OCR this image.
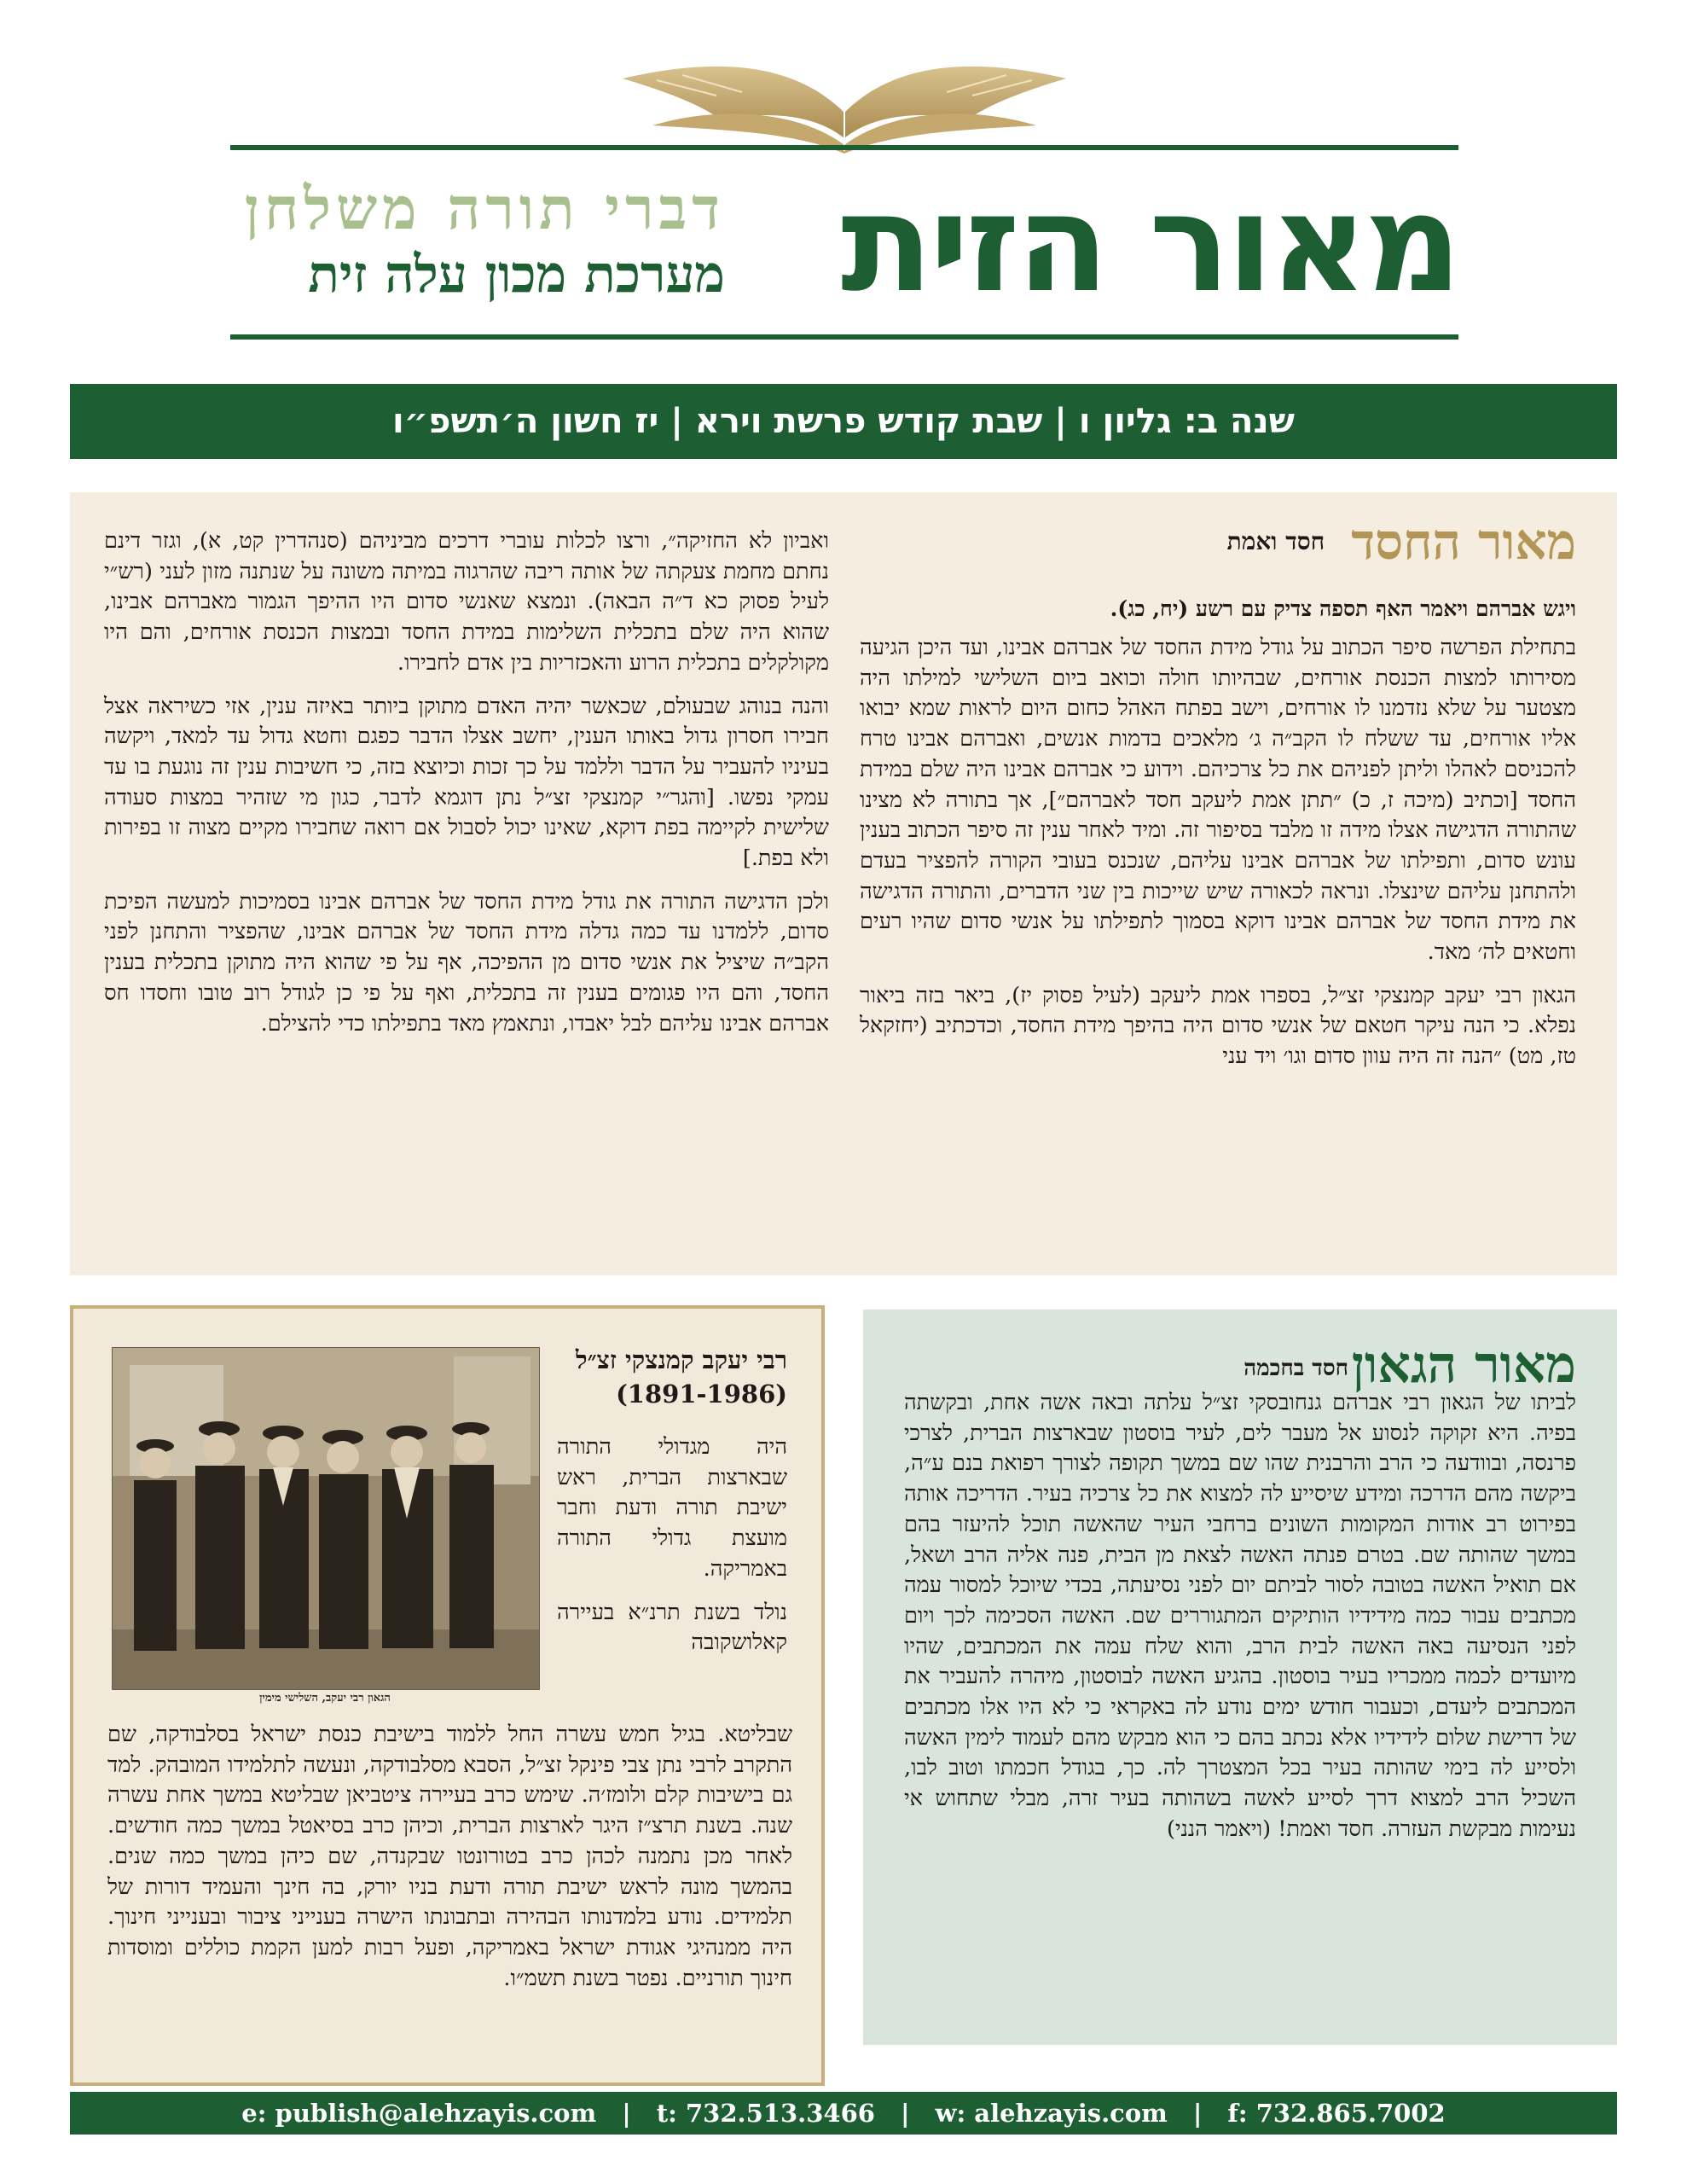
מאור הזית
דברי תורה משלחן
מערכת מכון עלה זית
שנה ב: גליון ו | שבת קודש פרשת וירא | יז חשון ה׳תשפ״ו
מאור החסד חסד ואמת
ויגש אברהם ויאמר האף תספה צדיק עם רשע (יח, כג).

בתחילת הפרשה סיפר הכתוב על גודל מידת החסד של אברהם אבינו, ועד היכן הגיעה מסירותו למצות הכנסת אורחים, שבהיותו חולה וכואב ביום השלישי למילתו היה מצטער על שלא נזדמנו לו אורחים, וישב בפתח האהל כחום היום לראות שמא יבואו אליו אורחים, עד ששלח לו הקב״ה ג׳ מלאכים בדמות אנשים, ואברהם אבינו טרח להכניסם לאהלו וליתן לפניהם את כל צרכיהם. וידוע כי אברהם אבינו היה שלם במידת החסד [וכתיב (מיכה ז, כ) ״תתן אמת ליעקב חסד לאברהם״], אך בתורה לא מצינו שהתורה הדגישה אצלו מידה זו מלבד בסיפור זה. ומיד לאחר ענין זה סיפר הכתוב בענין עונש סדום, ותפילתו של אברהם אבינו עליהם, שנכנס בעובי הקורה להפציר בעדם ולהתחנן עליהם שינצלו. ונראה לכאורה שיש שייכות בין שני הדברים, והתורה הדגישה את מידת החסד של אברהם אבינו דוקא בסמוך לתפילתו על אנשי סדום שהיו רעים וחטאים לה׳ מאד.

הגאון רבי יעקב קמנצקי זצ״ל, בספרו אמת ליעקב (לעיל פסוק יז), ביאר בזה ביאור נפלא. כי הנה עיקר חטאם של אנשי סדום היה בהיפך מידת החסד, וכדכתיב (יחזקאל טז, מט) ״הנה זה היה עוון סדום וגו׳ ויד עני

ואביון לא החזיקה״, ורצו לכלות עוברי דרכים מביניהם (סנהדרין קט, א), וגזר דינם נחתם מחמת צעקתה של אותה ריבה שהרגוה במיתה משונה על שנתנה מזון לעני (רש״י לעיל פסוק כא ד״ה הבאה). ונמצא שאנשי סדום היו ההיפך הגמור מאברהם אבינו, שהוא היה שלם בתכלית השלימות במידת החסד ובמצות הכנסת אורחים, והם היו מקולקלים בתכלית הרוע והאכזריות בין אדם לחבירו.

והנה בנוהג שבעולם, שכאשר יהיה האדם מתוקן ביותר באיזה ענין, אזי כשיראה אצל חבירו חסרון גדול באותו הענין, יחשב אצלו הדבר כפגם וחטא גדול עד למאד, ויקשה בעיניו להעביר על הדבר וללמד על כך זכות וכיוצא בזה, כי חשיבות ענין זה נוגעת בו עד עמקי נפשו. [והגר״י קמנצקי זצ״ל נתן דוגמא לדבר, כגון מי שזהיר במצות סעודה שלישית לקיימה בפת דוקא, שאינו יכול לסבול אם רואה שחבירו מקיים מצוה זו בפירות ולא בפת.]

ולכן הדגישה התורה את גודל מידת החסד של אברהם אבינו בסמיכות למעשה הפיכת סדום, ללמדנו עד כמה גדלה מידת החסד של אברהם אבינו, שהפציר והתחנן לפני הקב״ה שיציל את אנשי סדום מן ההפיכה, אף על פי שהוא היה מתוקן בתכלית בענין החסד, והם היו פגומים בענין זה בתכלית, ואף על פי כן לגודל רוב טובו וחסדו חס אברהם אבינו עליהם לבל יאבדו, ונתאמץ מאד בתפילתו כדי להצילם.

הגאון רבי יעקב, השלישי מימין
רבי יעקב קמנצקי זצ״ל (1891-1986)

היה מגדולי התורה שבארצות הברית, ראש ישיבת תורה ודעת וחבר מועצת גדולי התורה באמריקה.

נולד בשנת תרנ״א בעיירה קאלושקובה

שבליטא. בגיל חמש עשרה החל ללמוד בישיבת כנסת ישראל בסלבודקה, שם התקרב לרבי נתן צבי פינקל זצ״ל, הסבא מסלבודקה, ונעשה לתלמידו המובהק. למד גם בישיבות קלם ולומז׳ה. שימש כרב בעיירה ציטביאן שבליטא במשך אחת עשרה שנה. בשנת תרצ״ז היגר לארצות הברית, וכיהן כרב בסיאטל במשך כמה חודשים. לאחר מכן נתמנה לכהן כרב בטורונטו שבקנדה, שם כיהן במשך כמה שנים. בהמשך מונה לראש ישיבת תורה ודעת בניו יורק, בה חינך והעמיד דורות של תלמידים. נודע בלמדנותו הבהירה ובתבונתו הישרה בענייני ציבור ובענייני חינוך. היה ממנהיגי אגודת ישראל באמריקה, ופעל רבות למען הקמת כוללים ומוסדות חינוך תורניים. נפטר בשנת תשמ״ו.

מאור הגאון
חסד בחכמה

לביתו של הגאון רבי אברהם גנחובסקי זצ״ל עלתה ובאה אשה אחת, ובקשתה בפיה. היא זקוקה לנסוע אל מעבר לים, לעיר בוסטון שבארצות הברית, לצרכי פרנסה, ובוודעה כי הרב והרבנית שהו שם במשך תקופה לצורך רפואת בנם ע״ה, ביקשה מהם הדרכה ומידע שיסייע לה למצוא את כל צרכיה בעיר. הדריכה אותה בפירוט רב אודות המקומות השונים ברחבי העיר שהאשה תוכל להיעזר בהם במשך שהותה שם. בטרם פנתה האשה לצאת מן הבית, פנה אליה הרב ושאל, אם תואיל האשה בטובה לסור לביתם יום לפני נסיעתה, בכדי שיוכל למסור עמה מכתבים עבור כמה מידידיו הותיקים המתגוררים שם. האשה הסכימה לכך ויום לפני הנסיעה באה האשה לבית הרב, והוא שלח עמה את המכתבים, שהיו מיועדים לכמה ממכריו בעיר בוסטון. בהגיע האשה לבוסטון, מיהרה להעביר את המכתבים ליעדם, וכעבור חודש ימים נודע לה באקראי כי לא היו אלו מכתבים של דרישת שלום לידידיו אלא נכתב בהם כי הוא מבקש מהם לעמוד לימין האשה ולסייע לה בימי שהותה בעיר בכל המצטרך לה. כך, בגודל חכמתו וטוב לבו, השכיל הרב למצוא דרך לסייע לאשה בשהותה בעיר זרה, מבלי שתחוש אי נעימות מבקשת העזרה. חסד ואמת! (ויאמר הנני)

e: publish@alehzayis.com | t: 732.513.3466 | w: alehzayis.com | f: 732.865.7002
